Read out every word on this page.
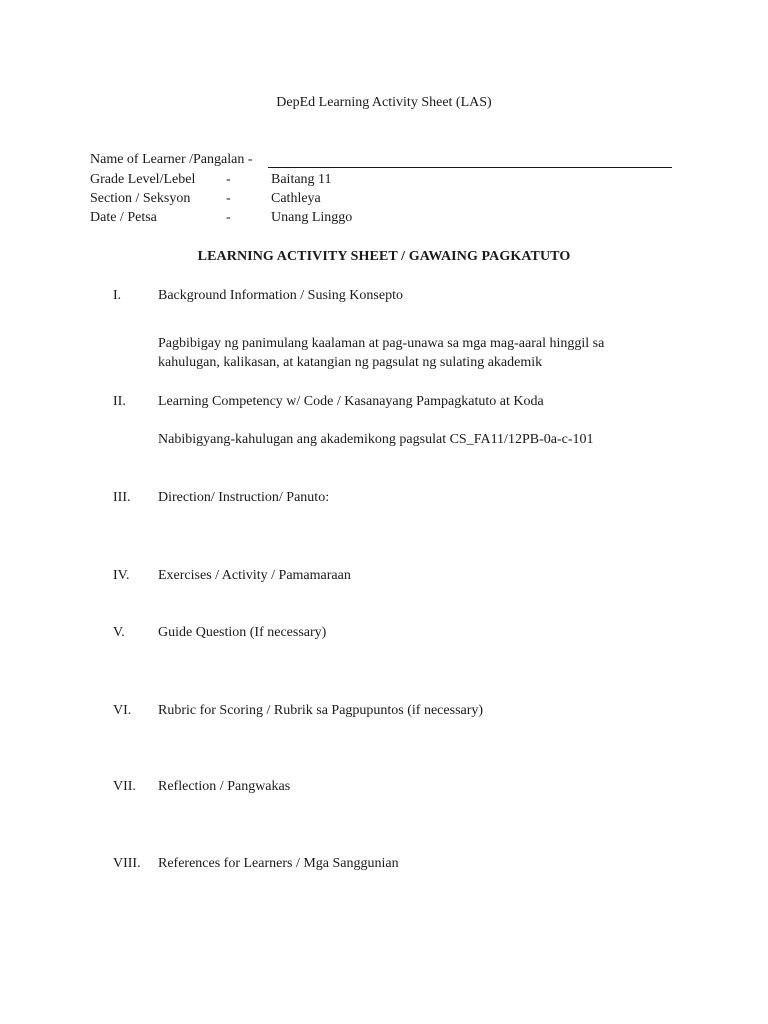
DepEd Learning Activity Sheet (LAS)
Name of Learner /Pangalan -
Grade Level/Lebel -	Baitang 11
Section / Seksyon	-	Cathleya
Date / Petsa	-	Unang Linggo
LEARNING ACTIVITY SHEET / GAWAING PAGKATUTO
I.	Background Information / Susing Konsepto
Pagbibigay ng panimulang kaalaman at pag-unawa sa mga mag-aaral hinggil sa
kahulugan, kalikasan, at katangian ng pagsulat ng sulating akademik
II. Learning Competency w/ Code / Kasanayang Pampagkatuto at Koda
Nabibigyang-kahulugan ang akademikong pagsulat CS_FA11/12PB-0a-c-101
III. Direction/ Instruction/ Panuto:
IV. Exercises / Activity / Pamamaraan
V. Guide Question (If necessary)
VI. Rubric for Scoring / Rubrik sa Pagpupuntos (if necessary)
VII. Reflection / Pangwakas
VIII. References for Learners / Mga Sanggunian
